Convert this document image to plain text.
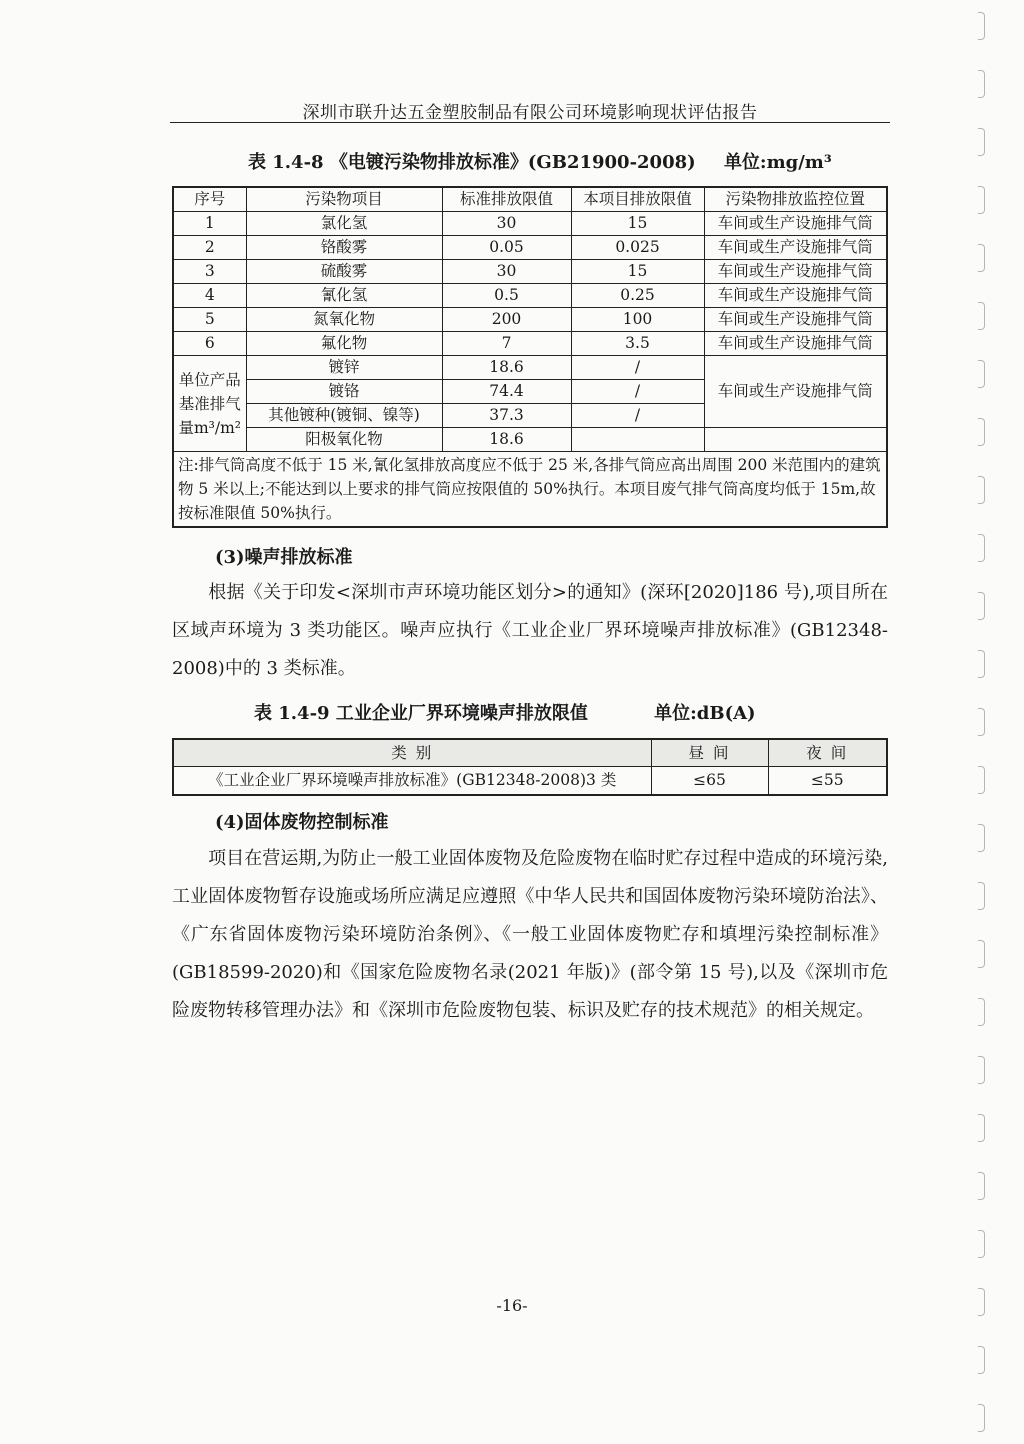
深圳市联升达五金塑胶制品有限公司环境影响现状评估报告
表 1.4-8 《电镀污染物排放标准》(GB21900-2008) 单位:mg/m³
序号	污染物项目	标准排放限值	本项目排放限值	污染物排放监控位置
1	氯化氢	30	15	车间或生产设施排气筒
2	铬酸雾	0.05	0.025	车间或生产设施排气筒
3	硫酸雾	30	15	车间或生产设施排气筒
4	氰化氢	0.5	0.25	车间或生产设施排气筒
5	氮氧化物	200	100	车间或生产设施排气筒
6	氟化物	7	3.5	车间或生产设施排气筒
单位产品基准排气量m³/m²	镀锌	18.6	/	车间或生产设施排气筒
	镀铬	74.4	/	
	其他镀种(镀铜、镍等)	37.3	/	
	阳极氧化物	18.6		
注:排气筒高度不低于 15 米,氰化氢排放高度应不低于 25 米,各排气筒应高出周围 200 米范围内的建筑物 5 米以上;不能达到以上要求的排气筒应按限值的 50%执行。本项目废气排气筒高度均低于 15m,故按标准限值 50%执行。				
(3)噪声排放标准
根据《关于印发<深圳市声环境功能区划分>的通知》(深环[2020]186 号),项目所在区域声环境为 3 类功能区。噪声应执行《工业企业厂界环境噪声排放标准》(GB12348-2008)中的 3 类标准。
表 1.4-9 工业企业厂界环境噪声排放限值	单位:dB(A)
类 别	昼 间	夜 间
《工业企业厂界环境噪声排放标准》(GB12348-2008)3 类	≤65	≤55
(4)固体废物控制标准
项目在营运期,为防止一般工业固体废物及危险废物在临时贮存过程中造成的环境污染,工业固体废物暂存设施或场所应满足应遵照《中华人民共和国固体废物污染环境防治法》、《广东省固体废物污染环境防治条例》、《一般工业固体废物贮存和填埋污染控制标准》(GB18599-2020)和《国家危险废物名录(2021 年版)》(部令第 15 号),以及《深圳市危险废物转移管理办法》和《深圳市危险废物包装、标识及贮存的技术规范》的相关规定。
-16-
